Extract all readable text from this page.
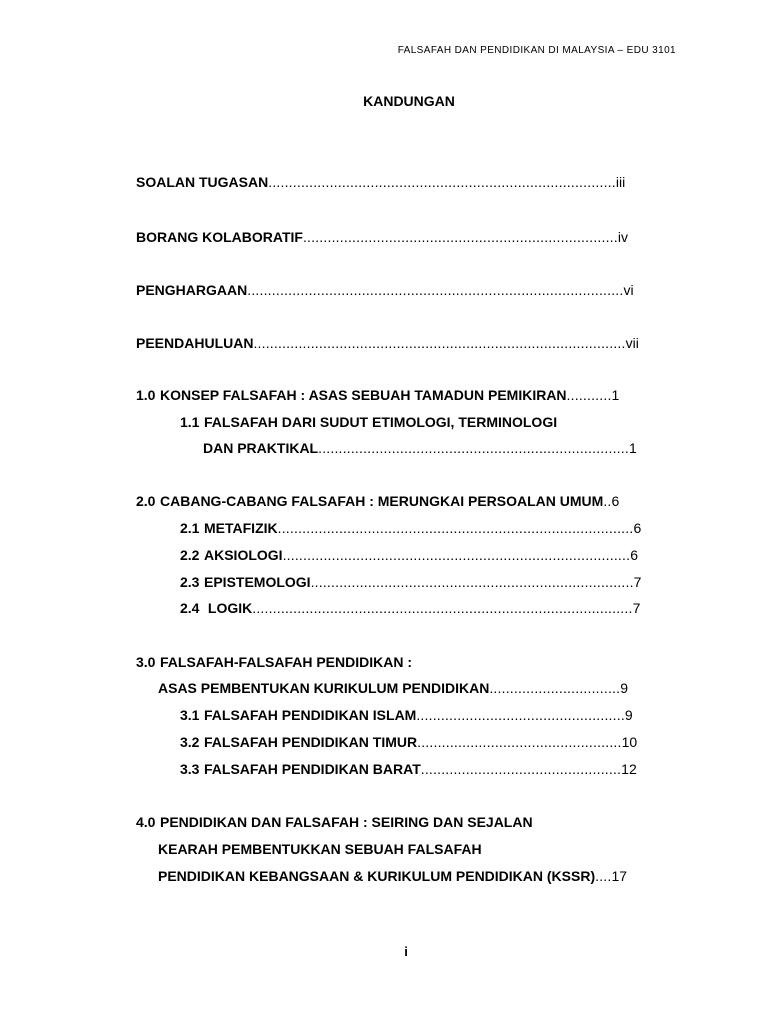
FALSAFAH DAN PENDIDIKAN DI MALAYSIA – EDU 3101
KANDUNGAN
SOALAN TUGASAN.....................................................................................iii
BORANG KOLABORATIF.............................................................................iv
PENGHARGAAN............................................................................................vi
PEENDAHULUAN...........................................................................................vii
1.0 KONSEP FALSAFAH : ASAS SEBUAH TAMADUN PEMIKIRAN...........1
1.1 FALSAFAH DARI SUDUT ETIMOLOGI, TERMINOLOGI
DAN PRAKTIKAL............................................................................1
2.0 CABANG-CABANG FALSAFAH : MERUNGKAI PERSOALAN UMUM..6
2.1 METAFIZIK.......................................................................................6
2.2 AKSIOLOGI.....................................................................................6
2.3 EPISTEMOLOGI...............................................................................7
2.4 LOGIK.............................................................................................7
3.0 FALSAFAH-FALSAFAH PENDIDIKAN :
ASAS PEMBENTUKAN KURIKULUM PENDIDIKAN................................9
3.1 FALSAFAH PENDIDIKAN ISLAM...................................................9
3.2 FALSAFAH PENDIDIKAN TIMUR..................................................10
3.3 FALSAFAH PENDIDIKAN BARAT.................................................12
4.0 PENDIDIKAN DAN FALSAFAH : SEIRING DAN SEJALAN
KEARAH PEMBENTUKKAN SEBUAH FALSAFAH
PENDIDIKAN KEBANGSAAN & KURIKULUM PENDIDIKAN (KSSR)....17
i
